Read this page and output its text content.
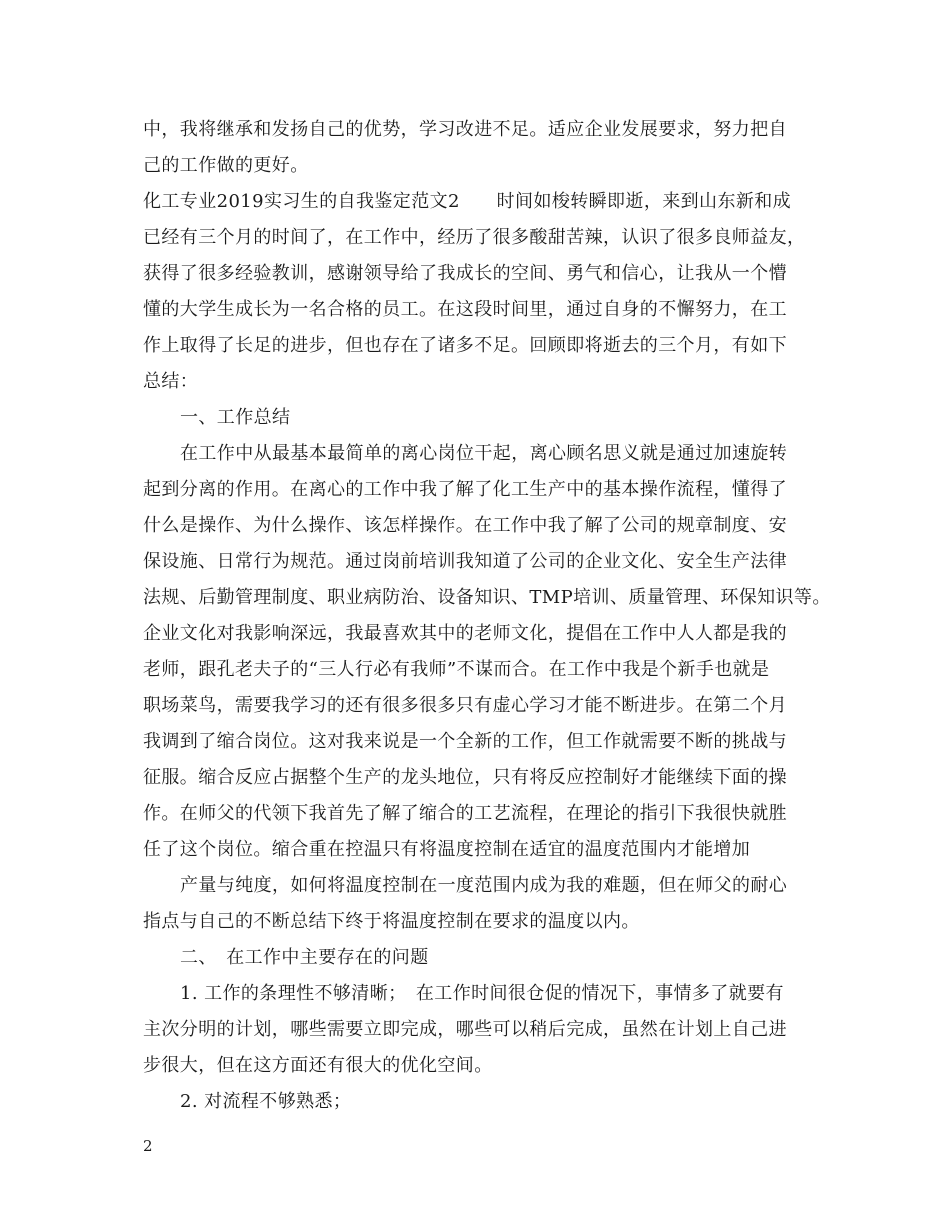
中，我将继承和发扬自己的优势，学习改进不足。适应企业发展要求，努力把自
己的工作做的更好。
化工专业2019实习生的自我鉴定范文2　　时间如梭转瞬即逝，来到山东新和成
已经有三个月的时间了，在工作中，经历了很多酸甜苦辣，认识了很多良师益友，
获得了很多经验教训，感谢领导给了我成长的空间、勇气和信心，让我从一个懵
懂的大学生成长为一名合格的员工。在这段时间里，通过自身的不懈努力，在工
作上取得了长足的进步，但也存在了诸多不足。回顾即将逝去的三个月，有如下
总结：
一、工作总结
在工作中从最基本最简单的离心岗位干起，离心顾名思义就是通过加速旋转
起到分离的作用。在离心的工作中我了解了化工生产中的基本操作流程，懂得了
什么是操作、为什么操作、该怎样操作。在工作中我了解了公司的规章制度、安
保设施、日常行为规范。通过岗前培训我知道了公司的企业文化、安全生产法律
法规、后勤管理制度、职业病防治、设备知识、TMP培训、质量管理、环保知识等。
企业文化对我影响深远，我最喜欢其中的老师文化，提倡在工作中人人都是我的
老师，跟孔老夫子的“三人行必有我师”不谋而合。在工作中我是个新手也就是
职场菜鸟，需要我学习的还有很多很多只有虚心学习才能不断进步。在第二个月
我调到了缩合岗位。这对我来说是一个全新的工作，但工作就需要不断的挑战与
征服。缩合反应占据整个生产的龙头地位，只有将反应控制好才能继续下面的操
作。在师父的代领下我首先了解了缩合的工艺流程，在理论的指引下我很快就胜
任了这个岗位。缩合重在控温只有将温度控制在适宜的温度范围内才能增加
产量与纯度，如何将温度控制在一度范围内成为我的难题，但在师父的耐心
指点与自己的不断总结下终于将温度控制在要求的温度以内。
二、　在工作中主要存在的问题
1. 工作的条理性不够清晰；　在工作时间很仓促的情况下，事情多了就要有
主次分明的计划，哪些需要立即完成，哪些可以稍后完成，虽然在计划上自己进
步很大，但在这方面还有很大的优化空间。
2. 对流程不够熟悉；
2
